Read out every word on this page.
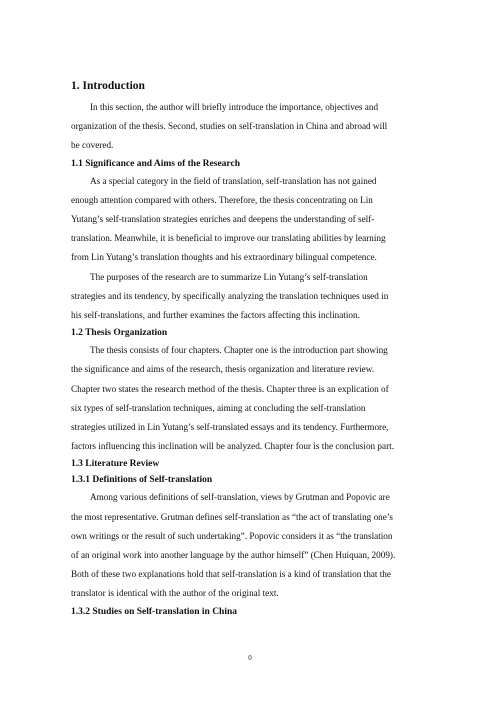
1. Introduction

In this section, the author will briefly introduce the importance, objectives and
organization of the thesis. Second, studies on self-translation in China and abroad will
be covered.

1.1 Significance and Aims of the Research

As a special category in the field of translation, self-translation has not gained
enough attention compared with others. Therefore, the thesis concentrating on Lin
Yutang’s self-translation strategies enriches and deepens the understanding of self-
translation. Meanwhile, it is beneficial to improve our translating abilities by learning
from Lin Yutang’s translation thoughts and his extraordinary bilingual competence.

The purposes of the research are to summarize Lin Yutang’s self-translation
strategies and its tendency, by specifically analyzing the translation techniques used in
his self-translations, and further examines the factors affecting this inclination.

1.2 Thesis Organization

The thesis consists of four chapters. Chapter one is the introduction part showing
the significance and aims of the research, thesis organization and literature review.
Chapter two states the research method of the thesis. Chapter three is an explication of
six types of self-translation techniques, aiming at concluding the self-translation
strategies utilized in Lin Yutang’s self-translated essays and its tendency. Furthermore,
factors influencing this inclination will be analyzed. Chapter four is the conclusion part.

1.3 Literature Review
1.3.1 Definitions of Self-translation

Among various definitions of self-translation, views by Grutman and Popovic are
the most representative. Grutman defines self-translation as “the act of translating one’s
own writings or the result of such undertaking”. Popovic considers it as “the translation
of an original work into another language by the author himself” (Chen Huiquan, 2009).
Both of these two explanations hold that self-translation is a kind of translation that the
translator is identical with the author of the original text.

1.3.2 Studies on Self-translation in China
0
